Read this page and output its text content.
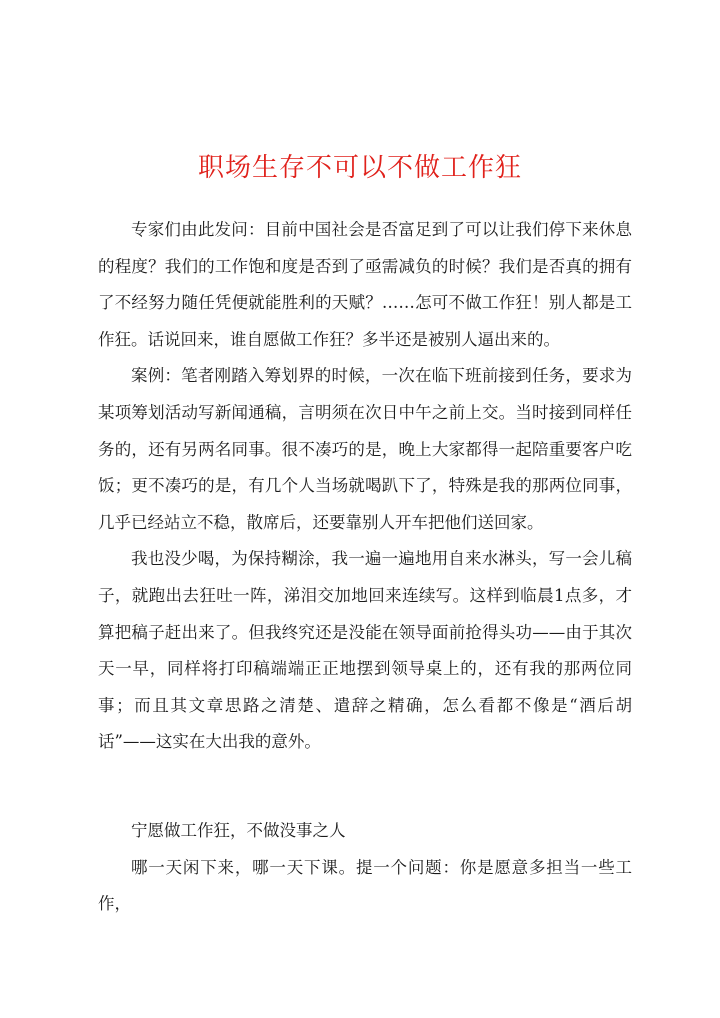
职场生存不可以不做工作狂

专家们由此发问：目前中国社会是否富足到了可以让我们停下来休息的程度？我们的工作饱和度是否到了亟需减负的时候？我们是否真的拥有了不经努力随任凭便就能胜利的天赋？……怎可不做工作狂！别人都是工作狂。话说回来，谁自愿做工作狂？多半还是被别人逼出来的。

案例：笔者刚踏入筹划界的时候，一次在临下班前接到任务，要求为某项筹划活动写新闻通稿，言明须在次日中午之前上交。当时接到同样任务的，还有另两名同事。很不凑巧的是，晚上大家都得一起陪重要客户吃饭；更不凑巧的是，有几个人当场就喝趴下了，特殊是我的那两位同事，几乎已经站立不稳，散席后，还要靠别人开车把他们送回家。

我也没少喝，为保持糊涂，我一遍一遍地用自来水淋头，写一会儿稿子，就跑出去狂吐一阵，涕泪交加地回来连续写。这样到临晨1点多，才算把稿子赶出来了。但我终究还是没能在领导面前抢得头功——由于其次天一早，同样将打印稿端端正正地摆到领导桌上的，还有我的那两位同事；而且其文章思路之清楚、遣辞之精确，怎么看都不像是“酒后胡话”——这实在大出我的意外。

宁愿做工作狂，不做没事之人

哪一天闲下来，哪一天下课。提一个问题：你是愿意多担当一些工作，
